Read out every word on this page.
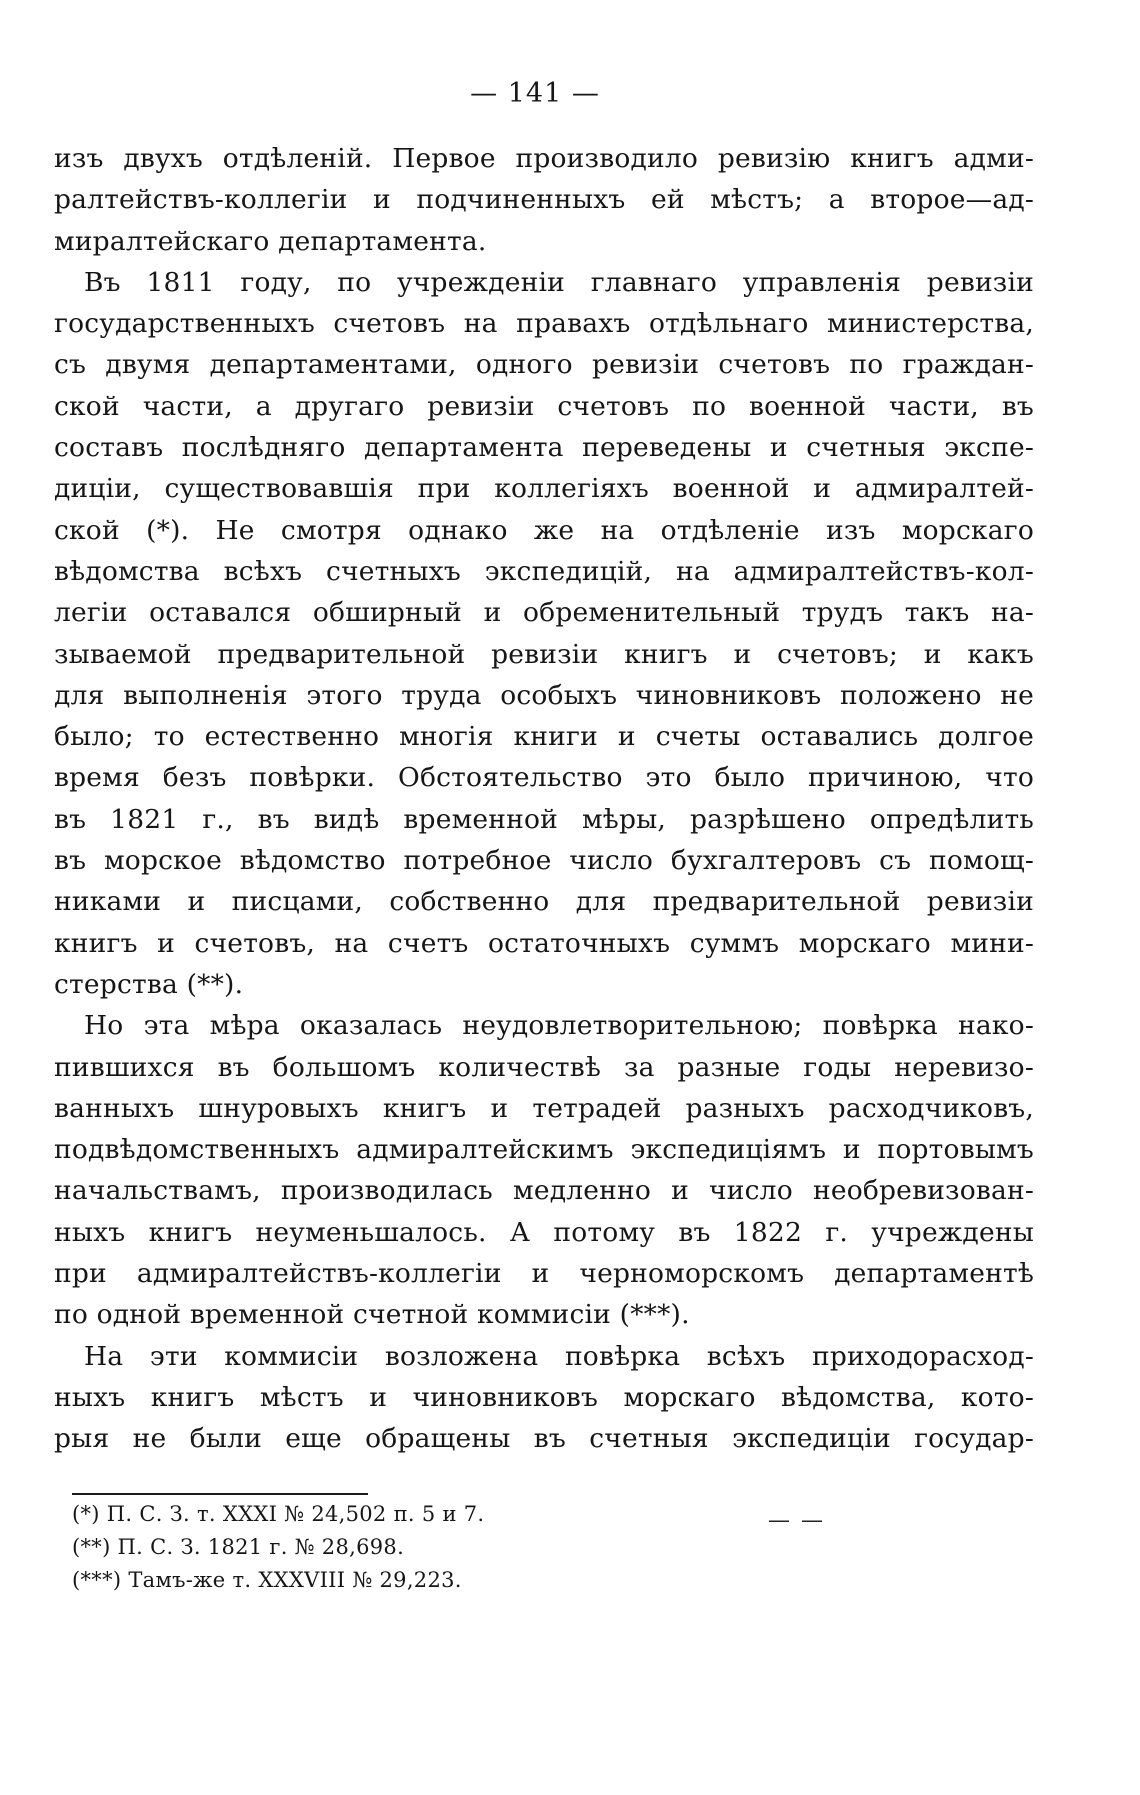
— 141 —
изъ двухъ отдѣленій. Первое производило ревизію книгъ адми-
ралтействъ-коллегіи и подчиненныхъ ей мѣстъ; а второе—ад-
миралтейскаго департамента.
Въ 1811 году, по учрежденіи главнаго управленія ревизіи
государственныхъ счетовъ на правахъ отдѣльнаго министерства,
съ двумя департаментами, одного ревизіи счетовъ по граждан-
ской части, а другаго ревизіи счетовъ по военной части, въ
составъ послѣдняго департамента переведены и счетныя экспе-
диціи, существовавшія при коллегіяхъ военной и адмиралтей-
ской (*). Не смотря однако же на отдѣленіе изъ морскаго
вѣдомства всѣхъ счетныхъ экспедицій, на адмиралтействъ-кол-
легіи оставался обширный и обременительный трудъ такъ на-
зываемой предварительной ревизіи книгъ и счетовъ; и какъ
для выполненія этого труда особыхъ чиновниковъ положено не
было; то естественно многія книги и счеты оставались долгое
время безъ повѣрки. Обстоятельство это было причиною, что
въ 1821 г., въ видѣ временной мѣры, разрѣшено опредѣлить
въ морское вѣдомство потребное число бухгалтеровъ съ помощ-
никами и писцами, собственно для предварительной ревизіи
книгъ и счетовъ, на счетъ остаточныхъ суммъ морскаго мини-
стерства (**).
Но эта мѣра оказалась неудовлетворительною; повѣрка нако-
пившихся въ большомъ количествѣ за разные годы неревизо-
ванныхъ шнуровыхъ книгъ и тетрадей разныхъ расходчиковъ,
подвѣдомственныхъ адмиралтейскимъ экспедиціямъ и портовымъ
начальствамъ, производилась медленно и число необревизован-
ныхъ книгъ неуменьшалось. А потому въ 1822 г. учреждены
при адмиралтействъ-коллегіи и черноморскомъ департаментѣ
по одной временной счетной коммисіи (***).
На эти коммисіи возложена повѣрка всѣхъ приходорасход-
ныхъ книгъ мѣстъ и чиновниковъ морскаго вѣдомства, кото-
рыя не были еще обращены въ счетныя экспедиціи государ-
— —
(*) П. С. З. т. XXXI № 24,502 п. 5 и 7.
(**) П. С. З. 1821 г. № 28,698.
(***) Тамъ-же т. XXXVIII № 29,223.
